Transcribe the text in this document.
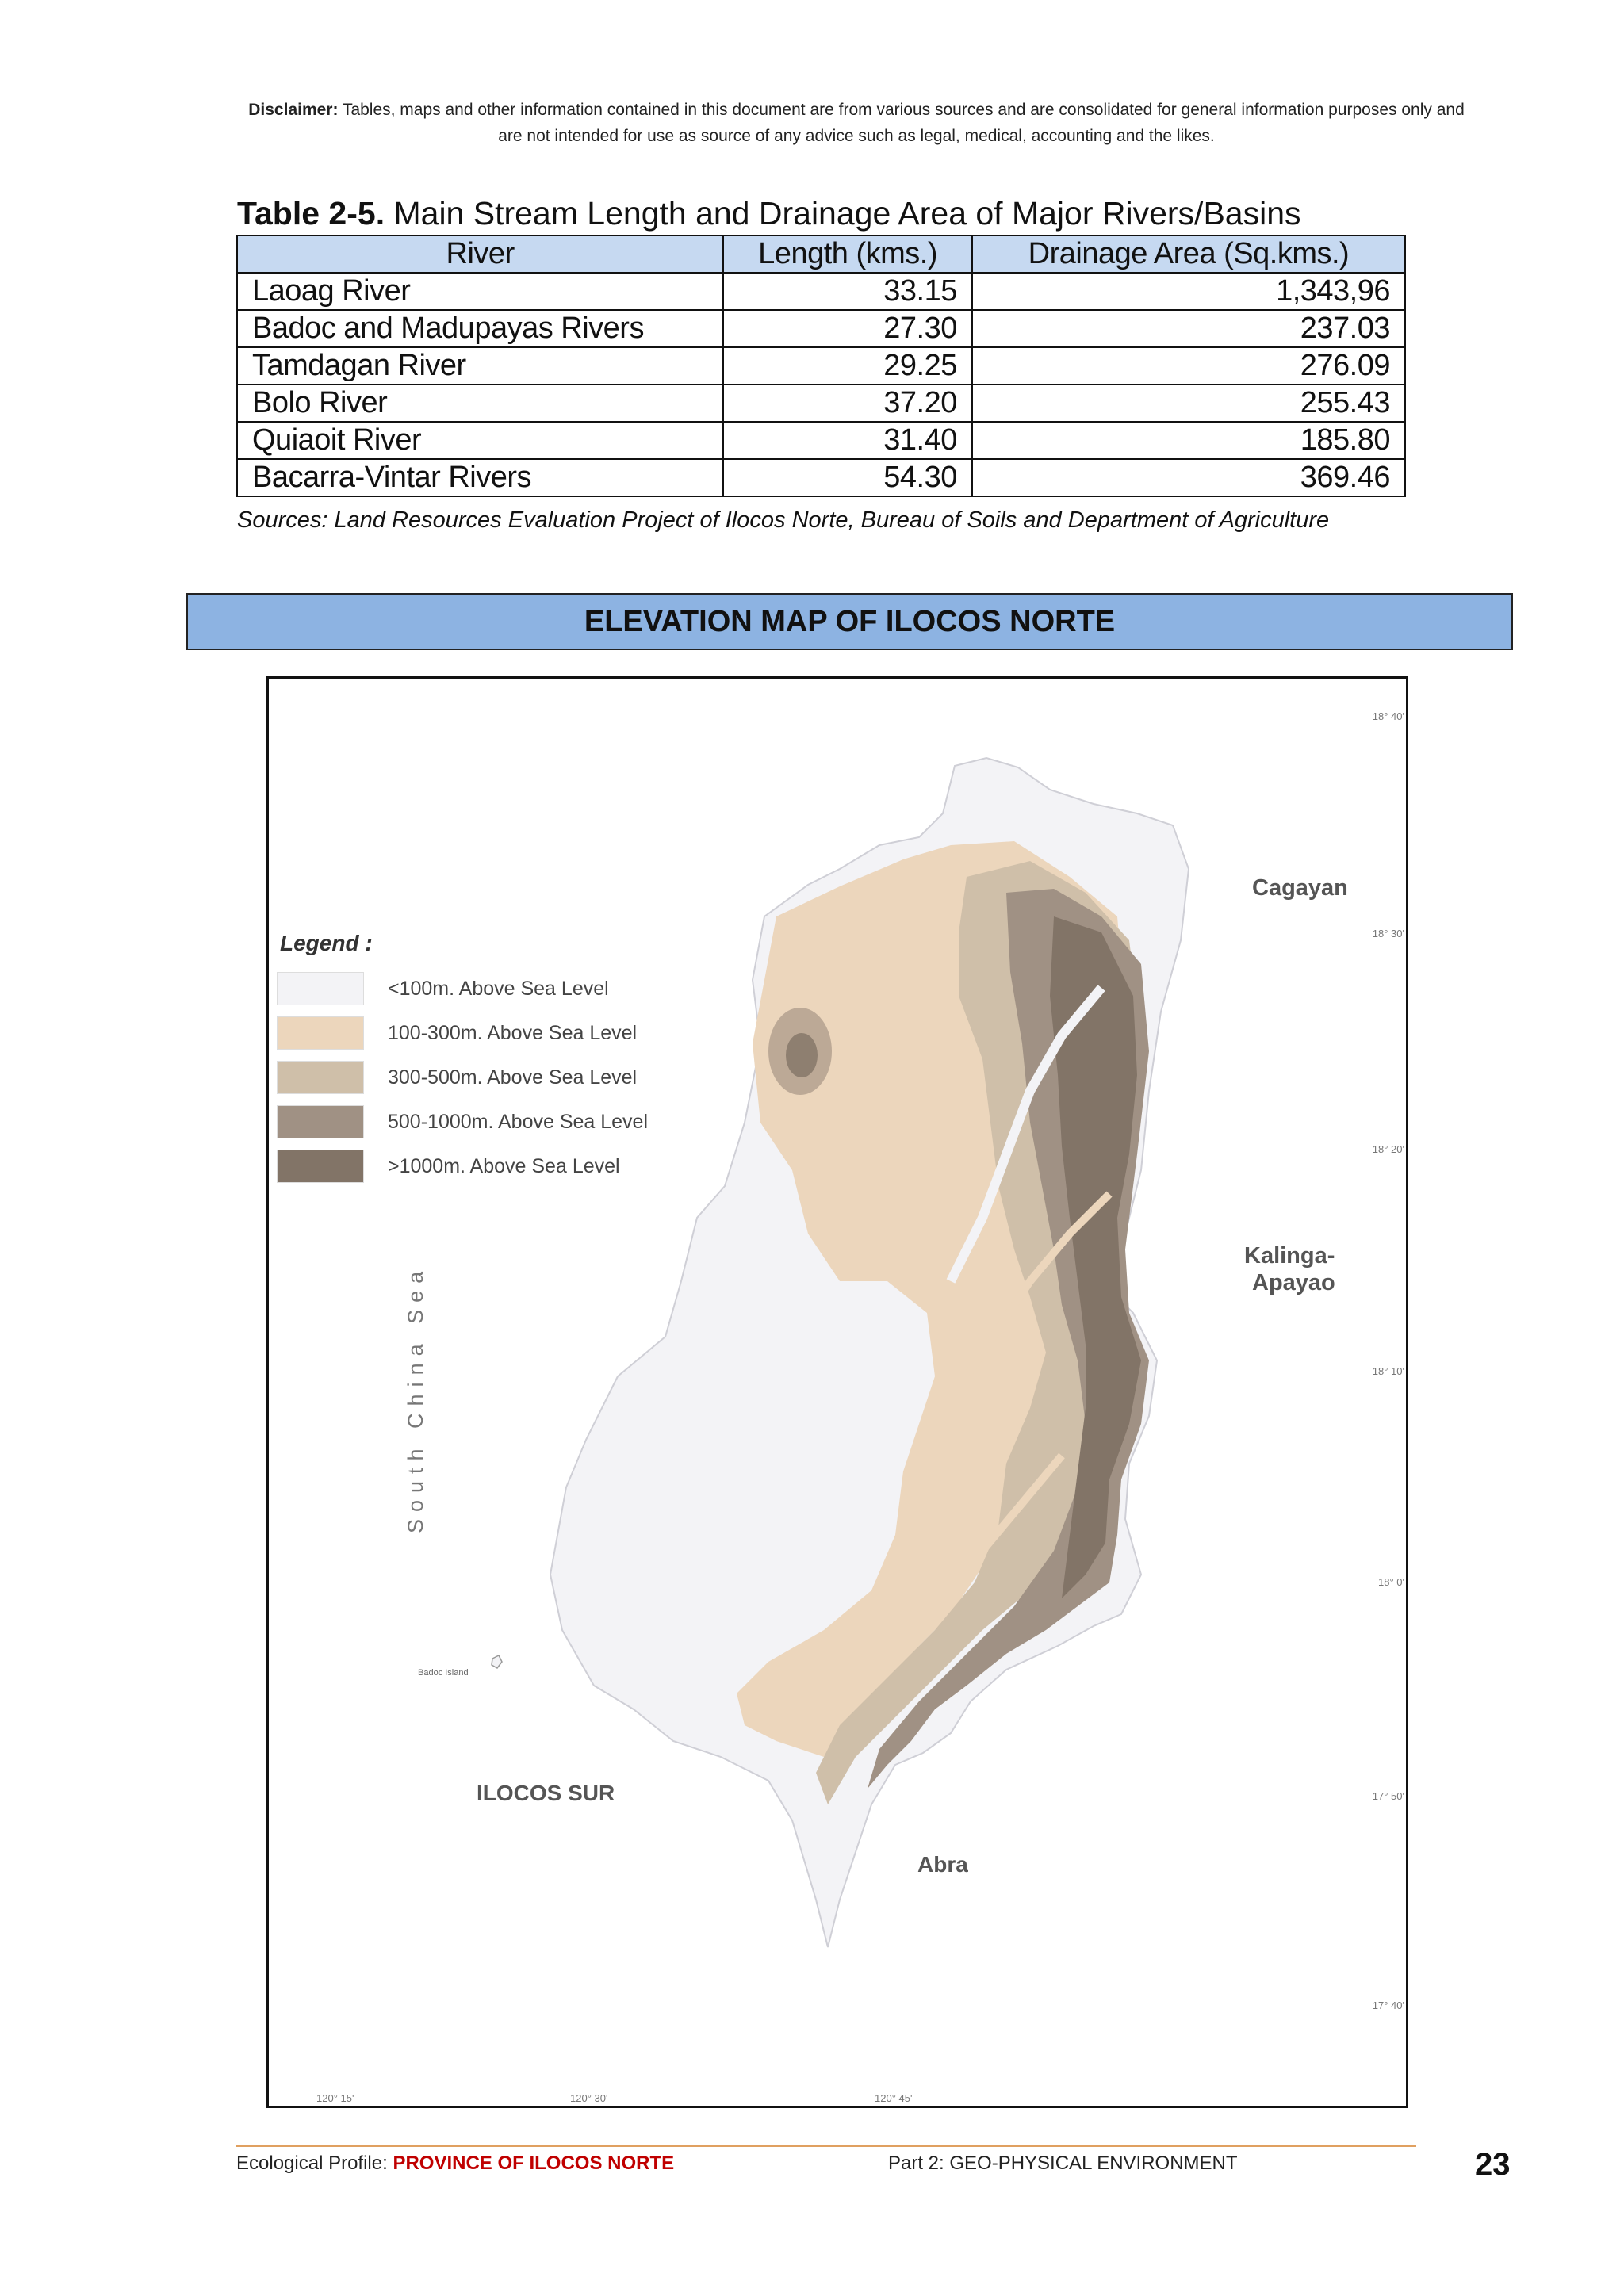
Disclaimer: Tables, maps and other information contained in this document are from various sources and are consolidated for general information purposes only and are not intended for use as source of any advice such as legal, medical, accounting and the likes.
Table 2-5. Main Stream Length and Drainage Area of Major Rivers/Basins
River	Length (kms.)	Drainage Area (Sq.kms.)
Laoag River	33.15	1,343,96
Badoc and Madupayas Rivers	27.30	237.03
Tamdagan River	29.25	276.09
Bolo River	37.20	255.43
Quiaoit River	31.40	185.80
Bacarra-Vintar Rivers	54.30	369.46
Sources: Land Resources Evaluation Project of Ilocos Norte, Bureau of Soils and Department of Agriculture
ELEVATION MAP OF ILOCOS NORTE
Legend :
<100m. Above Sea Level
100-300m. Above Sea Level
300-500m. Above Sea Level
500-1000m. Above Sea Level
>1000m. Above Sea Level
Cagayan
Kalinga-
Apayao
South China Sea
Badoc Island
ILOCOS SUR
Abra
18° 40'
18° 30'
18° 20'
18° 10'
18° 0'
17° 50'
17° 40'
120° 15'	120° 30'	120° 45'
Ecological Profile: PROVINCE OF ILOCOS NORTE	Part 2: GEO-PHYSICAL ENVIRONMENT	23
